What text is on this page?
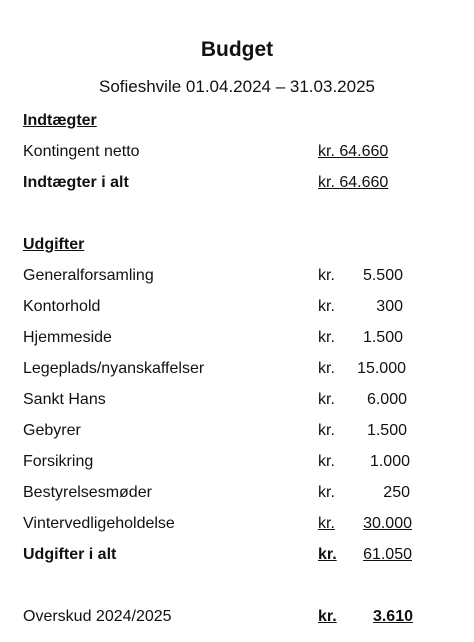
Budget
Sofieshvile 01.04.2024 – 31.03.2025
Indtægter
Kontingent netto	kr. 64.660
Indtægter i alt	kr. 64.660
Udgifter
Generalforsamling	kr. 5.500
Kontorhold	kr.	300
Hjemmeside	kr. 1.500
Legeplads/nyanskaffelser	kr. 15.000
Sankt Hans	kr. 6.000
Gebyrer	kr. 1.500
Forsikring	kr. 1.000
Bestyrelsesmøder	kr.	250
Vintervedligeholdelse	kr. 30.000
Udgifter i alt	kr. 61.050
Overskud 2024/2025	kr. 3.610
